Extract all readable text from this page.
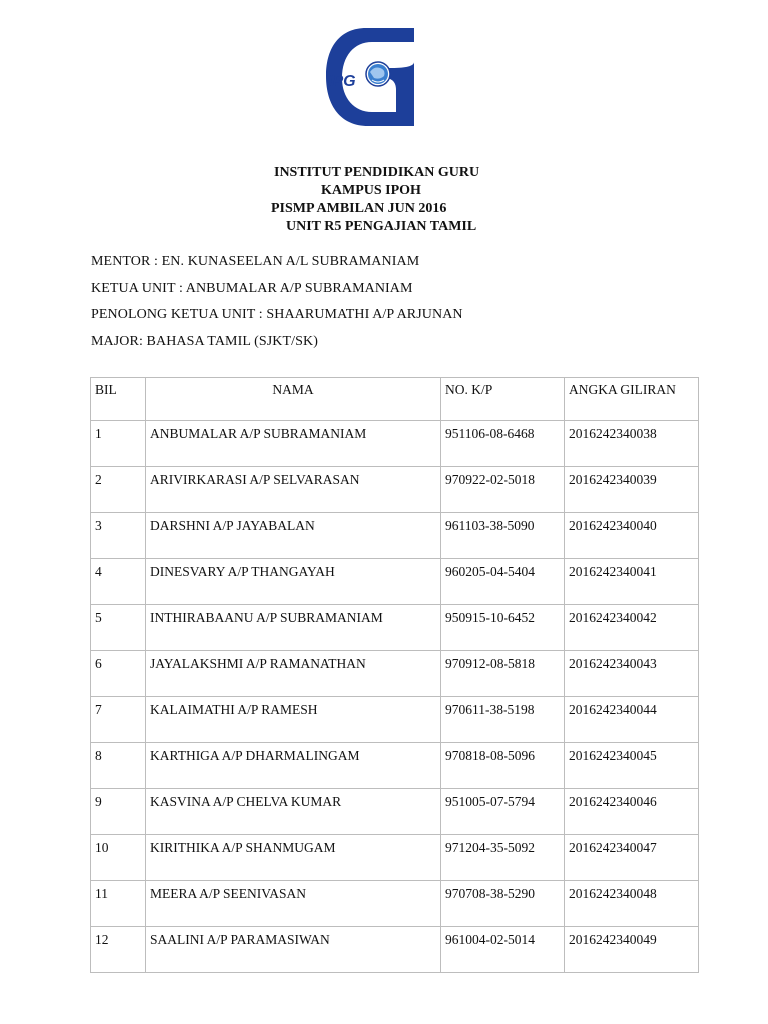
iPG
INSTITUT PENDIDIKAN GURU
KAMPUS IPOH
PISMP AMBILAN JUN 2016
UNIT R5 PENGAJIAN TAMIL
MENTOR : EN. KUNASEELAN A/L SUBRAMANIAM
KETUA UNIT : ANBUMALAR A/P SUBRAMANIAM
PENOLONG KETUA UNIT : SHAARUMATHI A/P ARJUNAN
MAJOR: BAHASA TAMIL (SJKT/SK)
BIL	NAMA	NO. K/P	ANGKA GILIRAN
1	ANBUMALAR A/P SUBRAMANIAM	951106-08-6468	2016242340038
2	ARIVIRKARASI A/P SELVARASAN	970922-02-5018	2016242340039
3	DARSHNI A/P JAYABALAN	961103-38-5090	2016242340040
4	DINESVARY A/P THANGAYAH	960205-04-5404	2016242340041
5	INTHIRABAANU A/P SUBRAMANIAM	950915-10-6452	2016242340042
6	JAYALAKSHMI A/P RAMANATHAN	970912-08-5818	2016242340043
7	KALAIMATHI A/P RAMESH	970611-38-5198	2016242340044
8	KARTHIGA A/P DHARMALINGAM	970818-08-5096	2016242340045
9	KASVINA A/P CHELVA KUMAR	951005-07-5794	2016242340046
10	KIRITHIKA A/P SHANMUGAM	971204-35-5092	2016242340047
11	MEERA A/P SEENIVASAN	970708-38-5290	2016242340048
12	SAALINI A/P PARAMASIWAN	961004-02-5014	2016242340049
